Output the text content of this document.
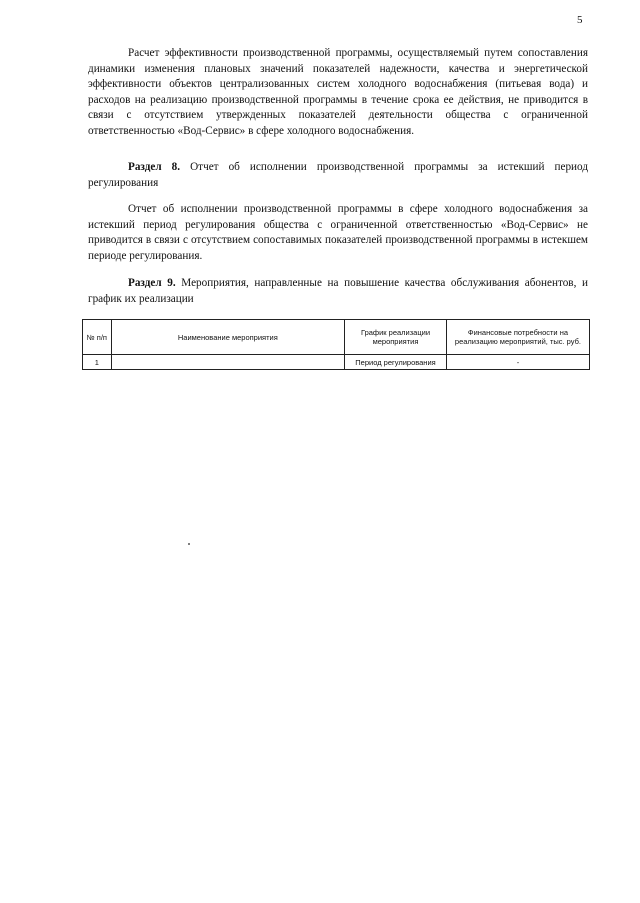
5

Расчет эффективности производственной программы, осуществляемый путем сопоставления динамики изменения плановых значений показателей надежности, качества и энергетической эффективности объектов централизованных систем холодного водоснабжения (питьевая вода) и расходов на реализацию производственной программы в течение срока ее действия, не приводится в связи с отсутствием утвержденных показателей деятельности общества с ограниченной ответственностью «Вод-Сервис» в сфере холодного водоснабжения.

Раздел 8. Отчет об исполнении производственной программы за истекший период регулирования

Отчет об исполнении производственной программы в сфере холодного водоснабжения за истекший период регулирования общества с ограниченной ответственностью «Вод-Сервис» не приводится в связи с отсутствием сопоставимых показателей производственной программы в истекшем периоде регулирования.

Раздел 9. Мероприятия, направленные на повышение качества обслуживания абонентов, и график их реализации

№ п/п	Наименование мероприятия	График реализации мероприятия	Финансовые потребности на реализацию мероприятий, тыс. руб.
1		Период регулирования	-
